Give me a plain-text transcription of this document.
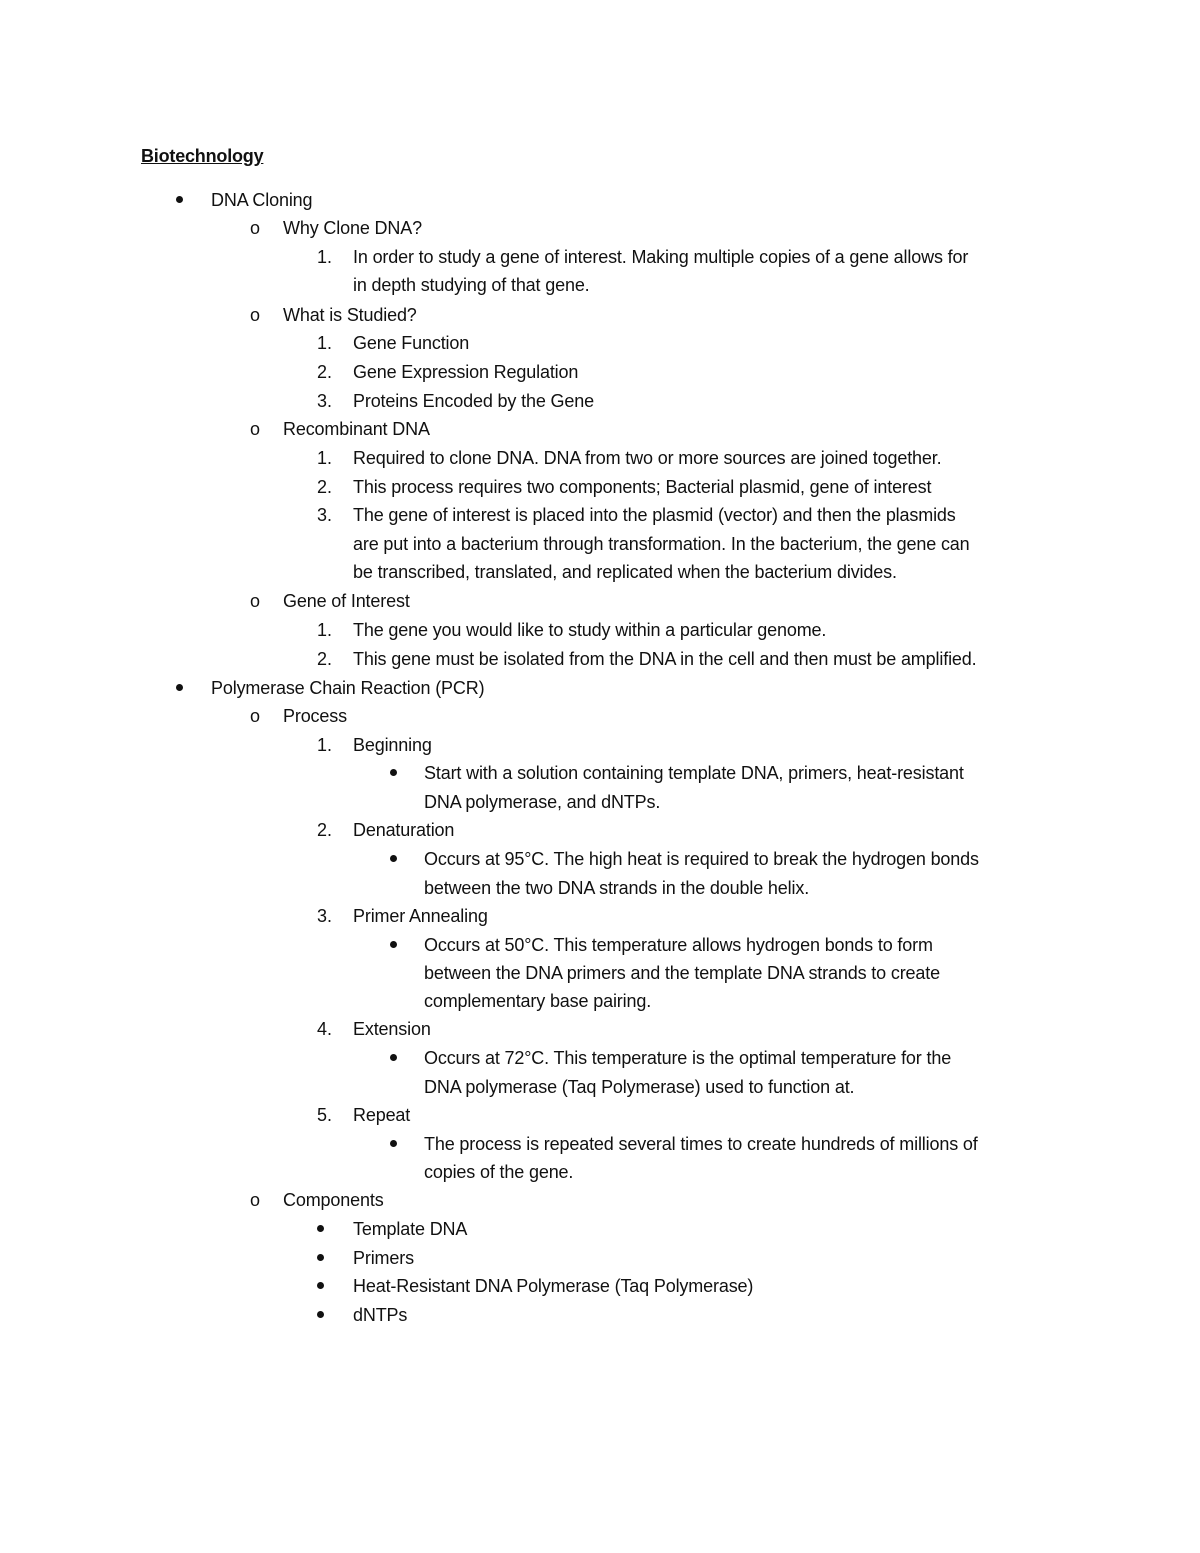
Biotechnology
DNA Cloning
o Why Clone DNA?
1. In order to study a gene of interest. Making multiple copies of a gene allows for
in depth studying of that gene.
o What is Studied?
1. Gene Function
2. Gene Expression Regulation
3. Proteins Encoded by the Gene
o Recombinant DNA
1. Required to clone DNA. DNA from two or more sources are joined together.
2. This process requires two components; Bacterial plasmid, gene of interest
3. The gene of interest is placed into the plasmid (vector) and then the plasmids
are put into a bacterium through transformation. In the bacterium, the gene can
be transcribed, translated, and replicated when the bacterium divides.
o Gene of Interest
1. The gene you would like to study within a particular genome.
2. This gene must be isolated from the DNA in the cell and then must be amplified.
Polymerase Chain Reaction (PCR)
o Process
1. Beginning
Start with a solution containing template DNA, primers, heat-resistant
DNA polymerase, and dNTPs.
2. Denaturation
Occurs at 95°C. The high heat is required to break the hydrogen bonds
between the two DNA strands in the double helix.
3. Primer Annealing
Occurs at 50°C. This temperature allows hydrogen bonds to form
between the DNA primers and the template DNA strands to create
complementary base pairing.
4. Extension
Occurs at 72°C. This temperature is the optimal temperature for the
DNA polymerase (Taq Polymerase) used to function at.
5. Repeat
The process is repeated several times to create hundreds of millions of
copies of the gene.
o Components
Template DNA
Primers
Heat-Resistant DNA Polymerase (Taq Polymerase)
dNTPs
